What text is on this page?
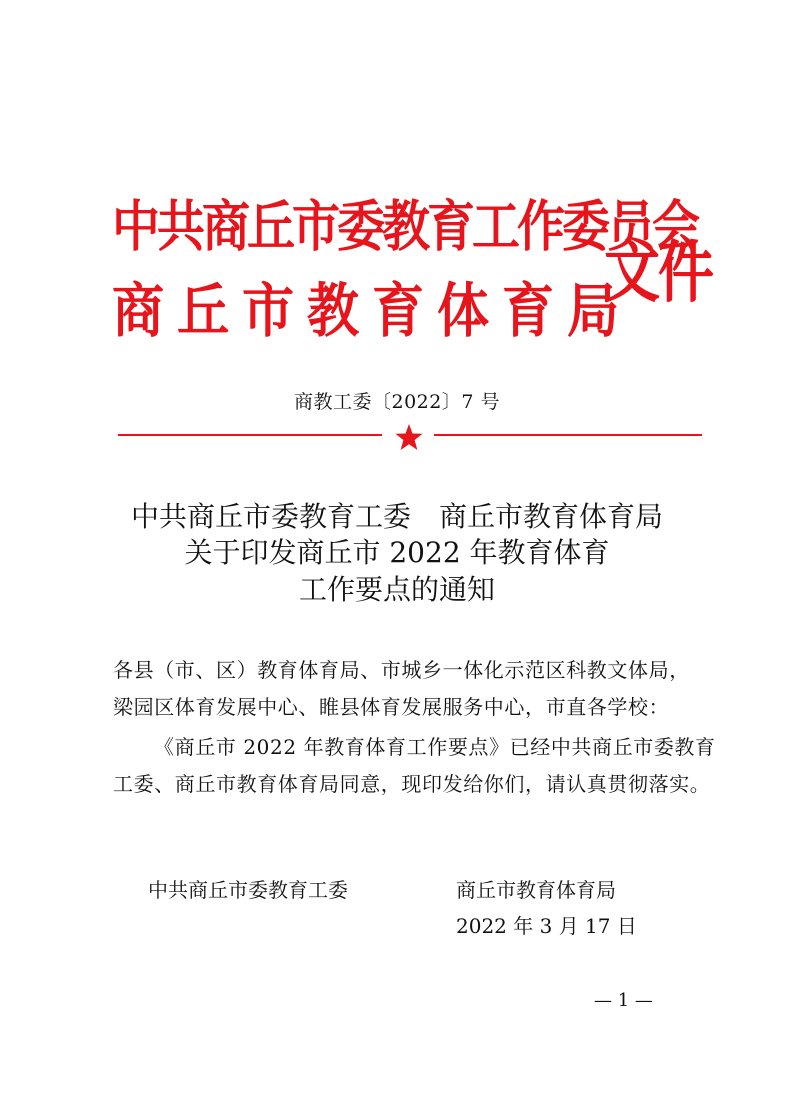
中共商丘市委教育工作委员会
商丘市教育体育局
文件
商教工委〔2022〕7 号
中共商丘市委教育工委　商丘市教育体育局
关于印发商丘市 2022 年教育体育
工作要点的通知
各县（市、区）教育体育局、市城乡一体化示范区科教文体局，
梁园区体育发展中心、睢县体育发展服务中心，市直各学校：
《商丘市 2022 年教育体育工作要点》已经中共商丘市委教育
工委、商丘市教育体育局同意，现印发给你们，请认真贯彻落实。
中共商丘市委教育工委	商丘市教育体育局
2022 年 3 月 17 日
— 1 —
